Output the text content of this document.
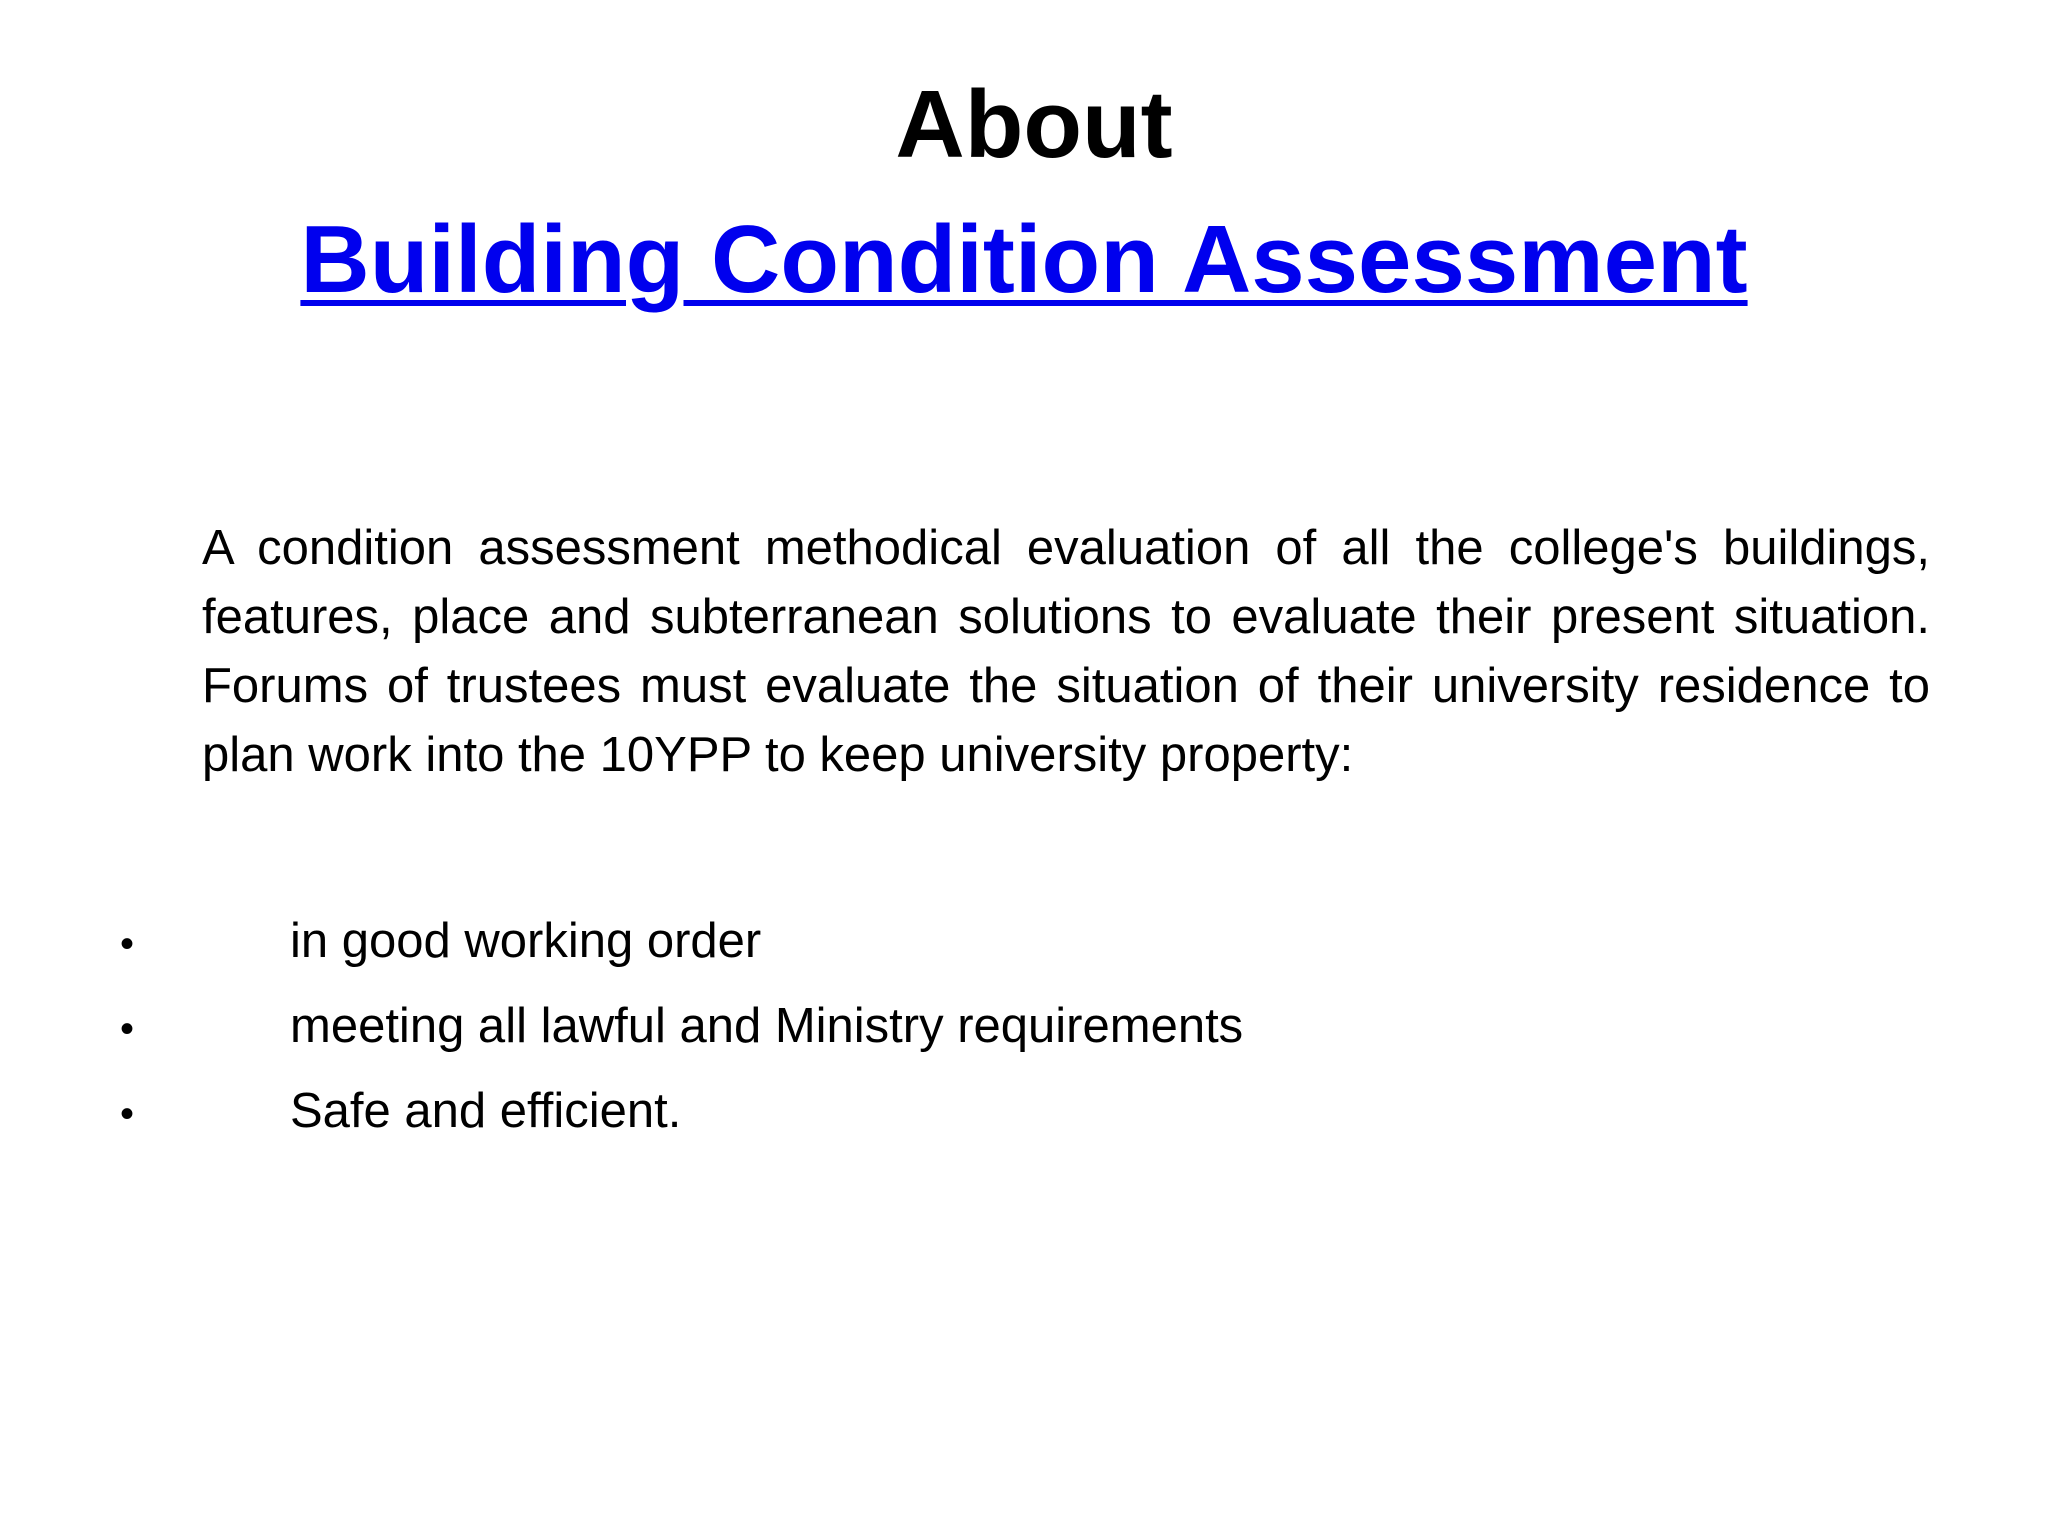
About
Building Condition Assessment

A condition assessment methodical evaluation of all the college's buildings, features, place and subterranean solutions to evaluate their present situation. Forums of trustees must evaluate the situation of their university residence to plan work into the 10YPP to keep university property:

•	in good working order
•	meeting all lawful and Ministry requirements
•	Safe and efficient.
